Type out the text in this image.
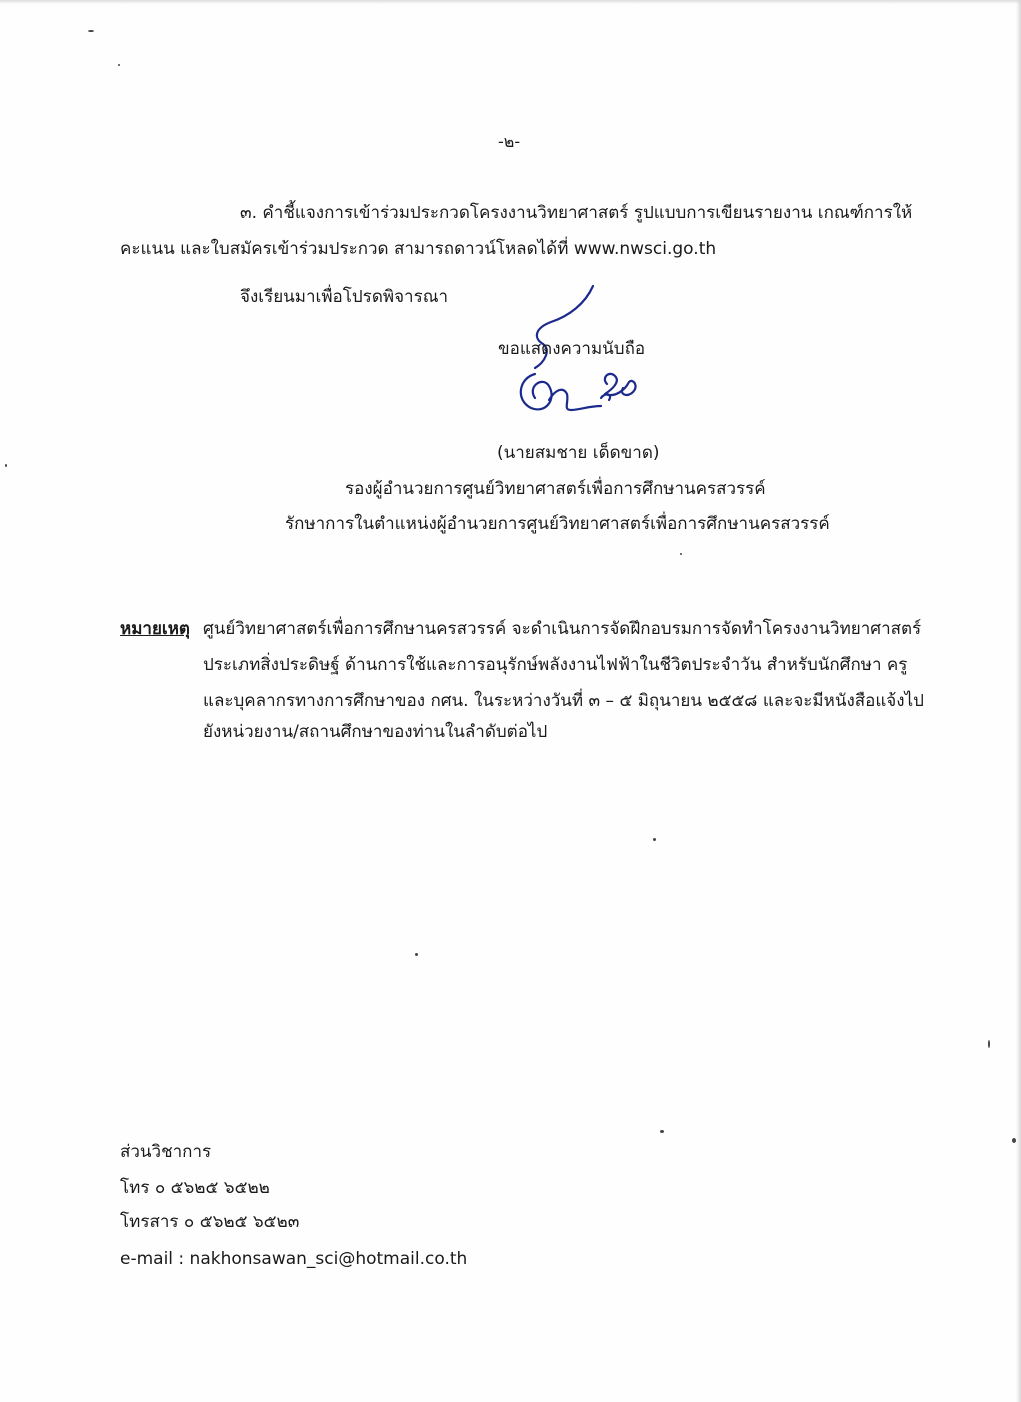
-๒-

๓. คำชี้แจงการเข้าร่วมประกวดโครงงานวิทยาศาสตร์ รูปแบบการเขียนรายงาน เกณฑ์การให้

คะแนน และใบสมัครเข้าร่วมประกวด สามารถดาวน์โหลดได้ที่ www.nwsci.go.th

จึงเรียนมาเพื่อโปรดพิจารณา

ขอแสดงความนับถือ

(นายสมชาย เด็ดขาด)

รองผู้อำนวยการศูนย์วิทยาศาสตร์เพื่อการศึกษานครสวรรค์

รักษาการในตำแหน่งผู้อำนวยการศูนย์วิทยาศาสตร์เพื่อการศึกษานครสวรรค์

หมายเหตุ ศูนย์วิทยาศาสตร์เพื่อการศึกษานครสวรรค์ จะดำเนินการจัดฝึกอบรมการจัดทำโครงงานวิทยาศาสตร์

ประเภทสิ่งประดิษฐ์ ด้านการใช้และการอนุรักษ์พลังงานไฟฟ้าในชีวิตประจำวัน สำหรับนักศึกษา ครู

และบุคลากรทางการศึกษาของ กศน. ในระหว่างวันที่ ๓ – ๕ มิถุนายน ๒๕๕๘ และจะมีหนังสือแจ้งไป

ยังหน่วยงาน/สถานศึกษาของท่านในลำดับต่อไป

ส่วนวิชาการ

โทร ๐ ๕๖๒๕ ๖๕๒๒

โทรสาร ๐ ๕๖๒๕ ๖๕๒๓

e-mail : nakhonsawan_sci@hotmail.co.th
